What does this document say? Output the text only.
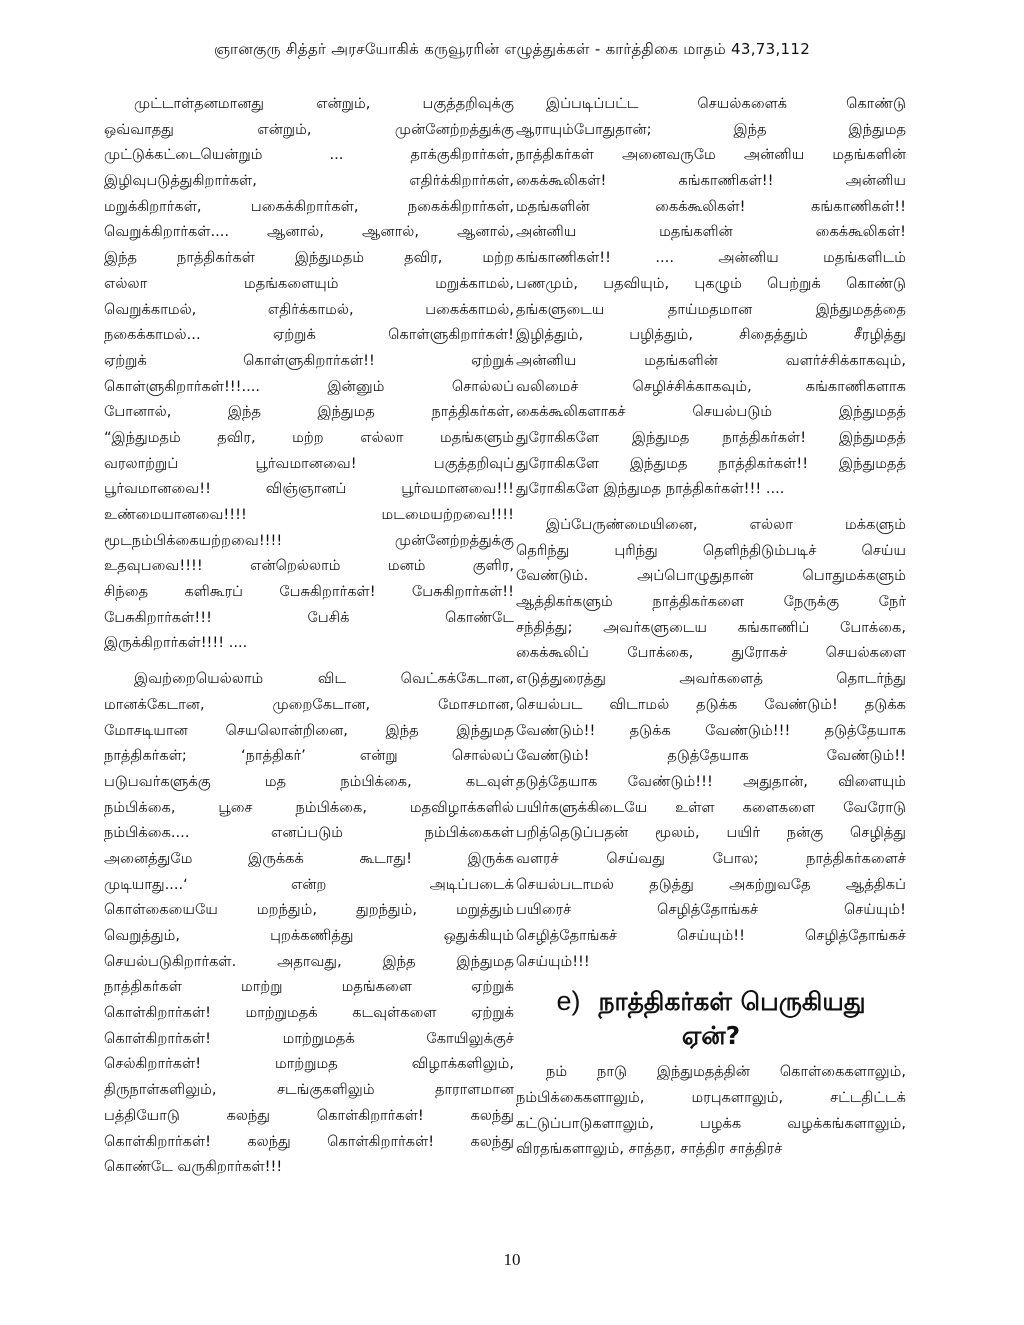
ஞானகுரு சித்தர் அரசயோகிக் கருவூரரின் எழுத்துக்கள் - கார்த்திகை மாதம் 43,73,112
முட்டாள்தனமானது என்றும், பகுத்தறிவுக்கு
ஒவ்வாதது என்றும், முன்னேற்றத்துக்கு
முட்டுக்கட்டையென்றும் ... தாக்குகிறார்கள்,
இழிவுபடுத்துகிறார்கள், எதிர்க்கிறார்கள்,
மறுக்கிறார்கள், பகைக்கிறார்கள், நகைக்கிறார்கள்,
வெறுக்கிறார்கள்.... ஆனால், ஆனால், ஆனால்,
இந்த நாத்திகர்கள் இந்துமதம் தவிர, மற்ற
எல்லா மதங்களையும் மறுக்காமல்,
வெறுக்காமல், எதிர்க்காமல், பகைக்காமல்,
நகைக்காமல்... ஏற்றுக் கொள்ளுகிறார்கள்!
ஏற்றுக் கொள்ளுகிறார்கள்!! ஏற்றுக்
கொள்ளுகிறார்கள்!!!.... இன்னும் சொல்லப்
போனால், இந்த இந்துமத நாத்திகர்கள்,
“இந்துமதம் தவிர, மற்ற எல்லா மதங்களும்
வரலாற்றுப் பூர்வமானவை! பகுத்தறிவுப்
பூர்வமானவை!! விஞ்ஞானப் பூர்வமானவை!!!
உண்மையானவை!!!! மடமையற்றவை!!!!
மூடநம்பிக்கையற்றவை!!!! முன்னேற்றத்துக்கு
உதவுபவை!!!! என்றெல்லாம் மனம் குளிர,
சிந்தை களிகூரப் பேசுகிறார்கள்! பேசுகிறார்கள்!!
பேசுகிறார்கள்!!! பேசிக் கொண்டே
இருக்கிறார்கள்!!!! ....
இவற்றையெல்லாம் விட வெட்கக்கேடான,
மானக்கேடான, முறைகேடான, மோசமான,
மோசடியான செயலொன்றினை, இந்த இந்துமத
நாத்திகர்கள்; ‘நாத்திகர்’ என்று சொல்லப்
படுபவர்களுக்கு மத நம்பிக்கை, கடவுள்
நம்பிக்கை, பூசை நம்பிக்கை, மதவிழாக்களில்
நம்பிக்கை.... எனப்படும் நம்பிக்கைகள்
அனைத்துமே இருக்கக் கூடாது! இருக்க
முடியாது....‘ என்ற அடிப்படைக்
கொள்கையையே மறந்தும், துறந்தும், மறுத்தும்
வெறுத்தும், புறக்கணித்து ஒதுக்கியும்
செயல்படுகிறார்கள். அதாவது, இந்த இந்துமத
நாத்திகர்கள் மாற்று மதங்களை ஏற்றுக்
கொள்கிறார்கள்! மாற்றுமதக் கடவுள்களை ஏற்றுக்
கொள்கிறார்கள்! மாற்றுமதக் கோயிலுக்குச்
செல்கிறார்கள்! மாற்றுமத விழாக்களிலும்,
திருநாள்களிலும், சடங்குகளிலும் தாராளமான
பத்தியோடு கலந்து கொள்கிறார்கள்! கலந்து
கொள்கிறார்கள்! கலந்து கொள்கிறார்கள்! கலந்து
கொண்டே வருகிறார்கள்!!!
இப்படிப்பட்ட செயல்களைக் கொண்டு
ஆராயும்போதுதான்; இந்த இந்துமத
நாத்திகர்கள் அனைவருமே அன்னிய மதங்களின்
கைக்கூலிகள்! கங்காணிகள்!! அன்னிய
மதங்களின் கைக்கூலிகள்! கங்காணிகள்!!
அன்னிய மதங்களின் கைக்கூலிகள்!
கங்காணிகள்!! .... அன்னிய மதங்களிடம்
பணமும், பதவியும், புகழும் பெற்றுக் கொண்டு
தங்களுடைய தாய்மதமான இந்துமதத்தை
இழித்தும், பழித்தும், சிதைத்தும் சீரழித்து
அன்னிய மதங்களின் வளர்ச்சிக்காகவும்,
வலிமைச் செழிச்சிக்காகவும், கங்காணிகளாக
கைக்கூலிகளாகச் செயல்படும் இந்துமதத்
துரோகிகளே இந்துமத நாத்திகர்கள்! இந்துமதத்
துரோகிகளே இந்துமத நாத்திகர்கள்!! இந்துமதத்
துரோகிகளே இந்துமத நாத்திகர்கள்!!! ....
இப்பேருண்மையினை, எல்லா மக்களும்
தெரிந்து புரிந்து தெளிந்திடும்படிச் செய்ய
வேண்டும். அப்பொழுதுதான் பொதுமக்களும்
ஆத்திகர்களும் நாத்திகர்களை நேருக்கு நேர்
சந்தித்து; அவர்களுடைய கங்காணிப் போக்கை,
கைக்கூலிப் போக்கை, துரோகச் செயல்களை
எடுத்துரைத்து அவர்களைத் தொடர்ந்து
செயல்பட விடாமல் தடுக்க வேண்டும்! தடுக்க
வேண்டும்!! தடுக்க வேண்டும்!!! தடுத்தேயாக
வேண்டும்! தடுத்தேயாக வேண்டும்!!
தடுத்தேயாக வேண்டும்!!! அதுதான், விளையும்
பயிர்களுக்கிடையே உள்ள களைகளை வேரோடு
பறித்தெடுப்பதன் மூலம், பயிர் நன்கு செழித்து
வளரச் செய்வது போல; நாத்திகர்களைச்
செயல்படாமல் தடுத்து அகற்றுவதே ஆத்திகப்
பயிரைச் செழித்தோங்கச் செய்யும்!
செழித்தோங்கச் செய்யும்!! செழித்தோங்கச்
செய்யும்!!!
e) நாத்திகர்கள் பெருகியது
ஏன்?
நம் நாடு இந்துமதத்தின் கொள்கைகளாலும்,
நம்பிக்கைகளாலும், மரபுகளாலும், சட்டதிட்டக்
கட்டுப்பாடுகளாலும், பழக்க வழக்கங்களாலும்,
விரதங்களாலும், சாத்தர, சாத்திர சாத்திரச்
10
